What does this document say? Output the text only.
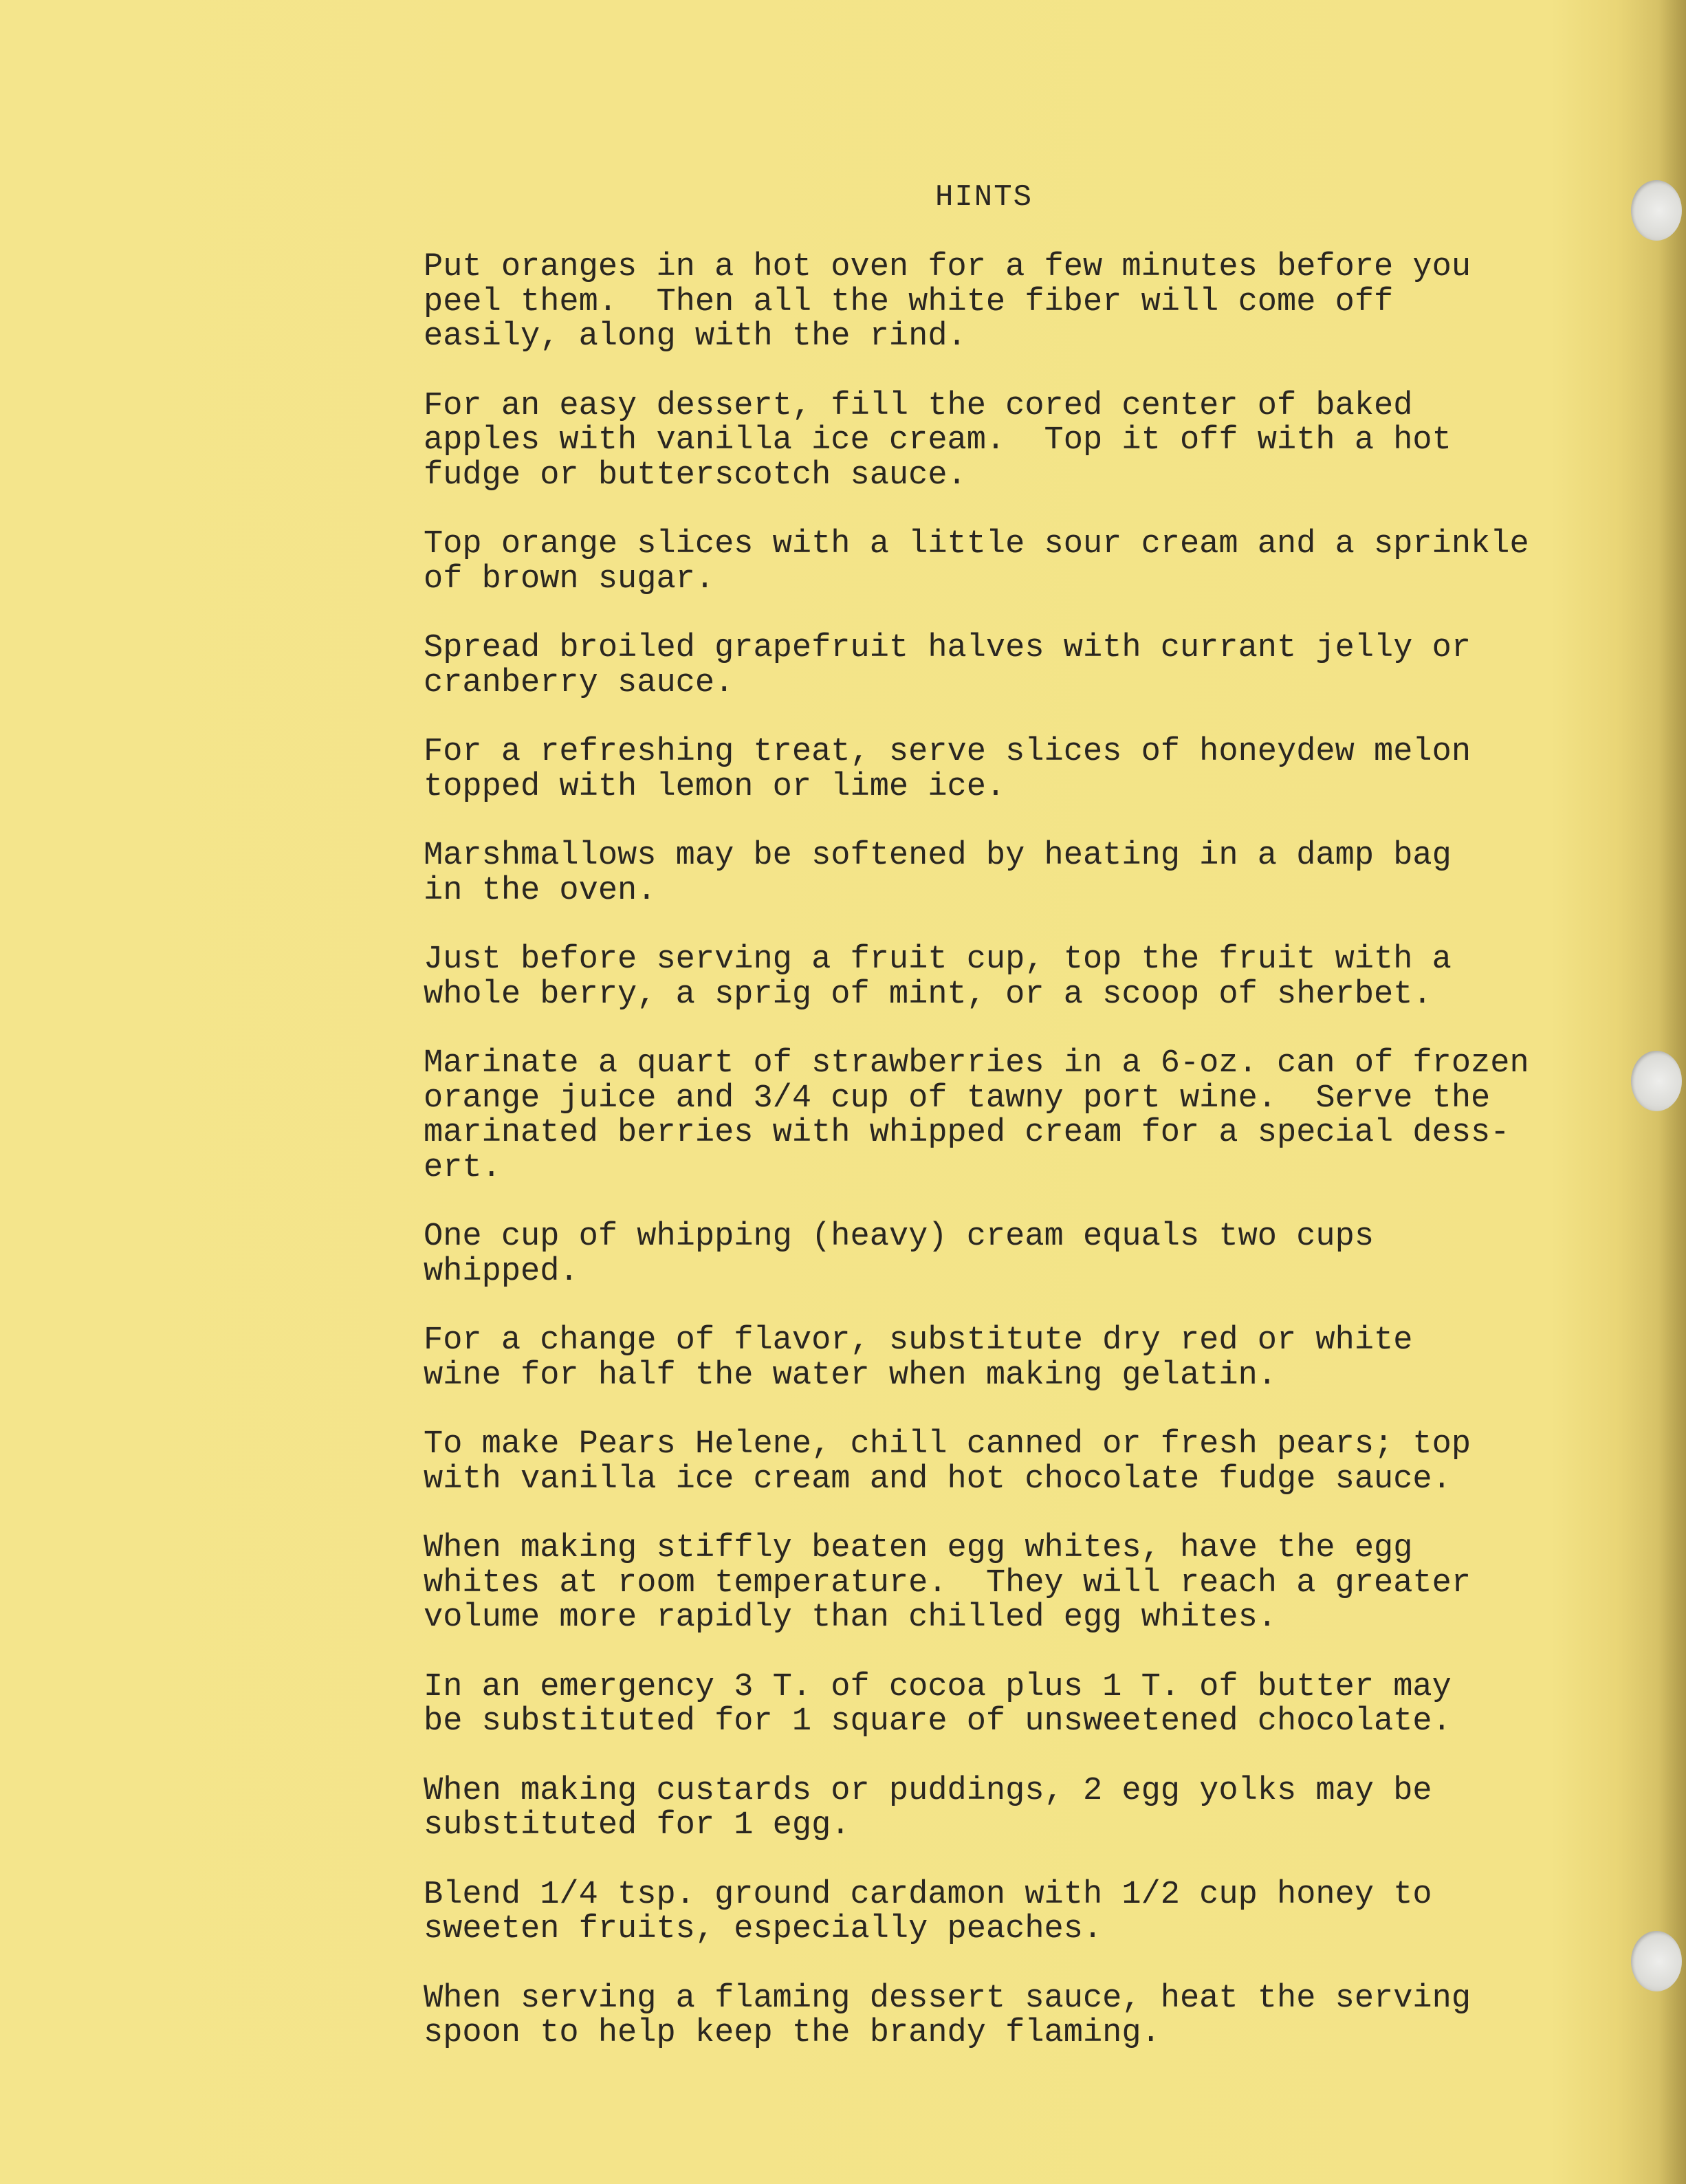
HINTS

Put oranges in a hot oven for a few minutes before you
peel them.  Then all the white fiber will come off
easily, along with the rind.

For an easy dessert, fill the cored center of baked
apples with vanilla ice cream.  Top it off with a hot
fudge or butterscotch sauce.

Top orange slices with a little sour cream and a sprinkle
of brown sugar.

Spread broiled grapefruit halves with currant jelly or
cranberry sauce.

For a refreshing treat, serve slices of honeydew melon
topped with lemon or lime ice.

Marshmallows may be softened by heating in a damp bag
in the oven.

Just before serving a fruit cup, top the fruit with a
whole berry, a sprig of mint, or a scoop of sherbet.

Marinate a quart of strawberries in a 6-oz. can of frozen
orange juice and 3/4 cup of tawny port wine.  Serve the
marinated berries with whipped cream for a special dess-
ert.

One cup of whipping (heavy) cream equals two cups
whipped.

For a change of flavor, substitute dry red or white
wine for half the water when making gelatin.

To make Pears Helene, chill canned or fresh pears; top
with vanilla ice cream and hot chocolate fudge sauce.

When making stiffly beaten egg whites, have the egg
whites at room temperature.  They will reach a greater
volume more rapidly than chilled egg whites.

In an emergency 3 T. of cocoa plus 1 T. of butter may
be substituted for 1 square of unsweetened chocolate.

When making custards or puddings, 2 egg yolks may be
substituted for 1 egg.

Blend 1/4 tsp. ground cardamon with 1/2 cup honey to
sweeten fruits, especially peaches.

When serving a flaming dessert sauce, heat the serving
spoon to help keep the brandy flaming.
